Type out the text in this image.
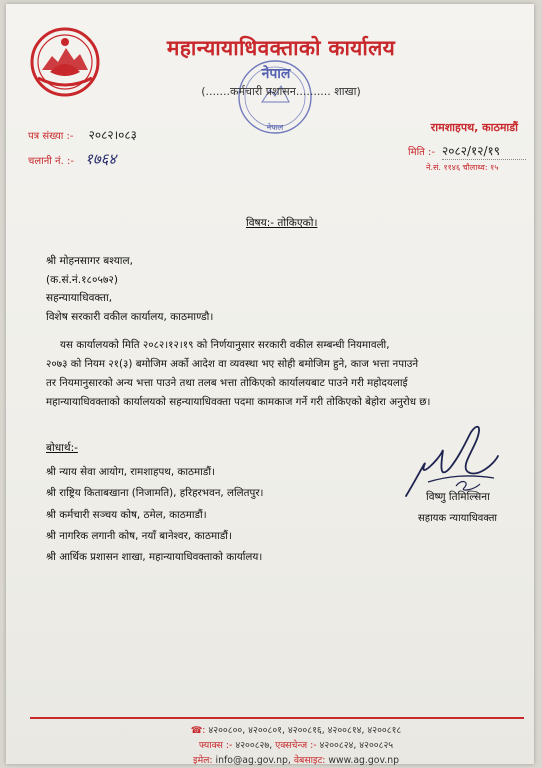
महान्यायाधिवक्ताको कार्यालय
नेपाल
(.......कर्मचारी प्रशासन.......... शाखा)
नेपाल
पत्र संख्या :- २०८२।०८३
चलानी नं. :- १७६४
रामशाहपथ, काठमाडौं
मिति :- २०८२/१२/१९
ने.सं. ११४६ चौलाथ्व: १५
विषय:- तोकिएको।
श्री मोहनसागर बश्याल,
(क.सं.नं.१८०५७२)
सहन्यायाधिवक्ता,
विशेष सरकारी वकील कार्यालय, काठमाण्डौ।
यस कार्यालयको मिति २०८२।१२।१९ को निर्णयानुसार सरकारी वकील सम्बन्धी नियमावली,
२०७३ को नियम २१(३) बमोजिम अर्को आदेश वा व्यवस्था भए सोही बमोजिम हुने, काज भत्ता नपाउने
तर नियमानुसारको अन्य भत्ता पाउने तथा तलब भत्ता तोकिएको कार्यालयबाट पाउने गरी महोदयलाई
महान्यायाधिवक्ताको कार्यालयको सहन्यायाधिवक्ता पदमा कामकाज गर्ने गरी तोकिएको बेहोरा अनुरोध छ।
बोधार्थ:-
श्री न्याय सेवा आयोग, रामशाहपथ, काठमाडौं।
श्री राष्ट्रिय किताबखाना (निजामति), हरिहरभवन, ललितपुर।
श्री कर्मचारी सञ्चय कोष, ठमेल, काठमाडौं।
श्री नागरिक लगानी कोष, नयाँ बानेश्वर, काठमाडौं।
श्री आर्थिक प्रशासन शाखा, महान्यायाधिवक्ताको कार्यालय।
विष्णु तिमिल्सिना
सहायक न्यायाधिवक्ता
☎: ४२००८००, ४२००८०१, ४२००८१६, ४२००८१४, ४२००८१८
फ्याक्स :- ४२००८२७, एक्सचेन्ज :- ४२००८२४, ४२००८२५
इमेल: info@ag.gov.np, वेबसाइट: www.ag.gov.np
